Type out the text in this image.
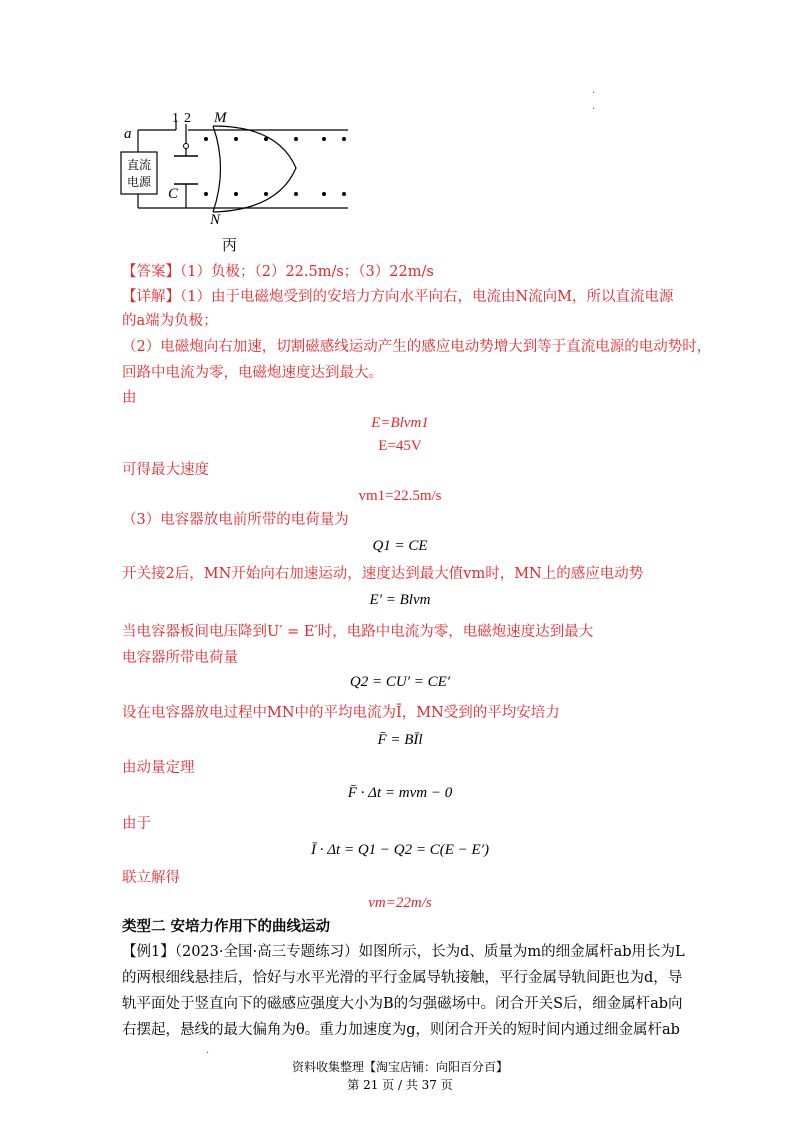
·
·
直流
电源
1 2 M
a
C
N
丙
【答案】（1）负极；（2）22.5m/s；（3）22m/s
【详解】（1）由于电磁炮受到的安培力方向水平向右，电流由N流向M，所以直流电源
的a端为负极；
（2）电磁炮向右加速，切割磁感线运动产生的感应电动势增大到等于直流电源的电动势时，
回路中电流为零，电磁炮速度达到最大。
由
E=Blvm1
E=45V
可得最大速度
vm1=22.5m/s
（3）电容器放电前所带的电荷量为
Q1 = CE
开关接2后，MN开始向右加速运动，速度达到最大值vm时，MN上的感应电动势
E′ = Blvm
当电容器板间电压降到U′ = E′时，电路中电流为零，电磁炮速度达到最大
电容器所带电荷量
Q2 = CU′ = CE′
设在电容器放电过程中MN中的平均电流为Ī，MN受到的平均安培力
F̄ = BĪl
由动量定理
F̄ · Δt = mvm − 0
由于
Ī · Δt = Q1 − Q2 = C(E − E′)
联立解得
vm=22m/s
类型二 安培力作用下的曲线运动
【例1】（2023·全国·高三专题练习）如图所示，长为d、质量为m的细金属杆ab用长为L
的两根细线悬挂后，恰好与水平光滑的平行金属导轨接触，平行金属导轨间距也为d，导
轨平面处于竖直向下的磁感应强度大小为B的匀强磁场中。闭合开关S后，细金属杆ab向
右摆起，悬线的最大偏角为θ。重力加速度为g，则闭合开关的短时间内通过细金属杆ab
·
资料收集整理【淘宝店铺：向阳百分百】
第 21 页 / 共 37 页
